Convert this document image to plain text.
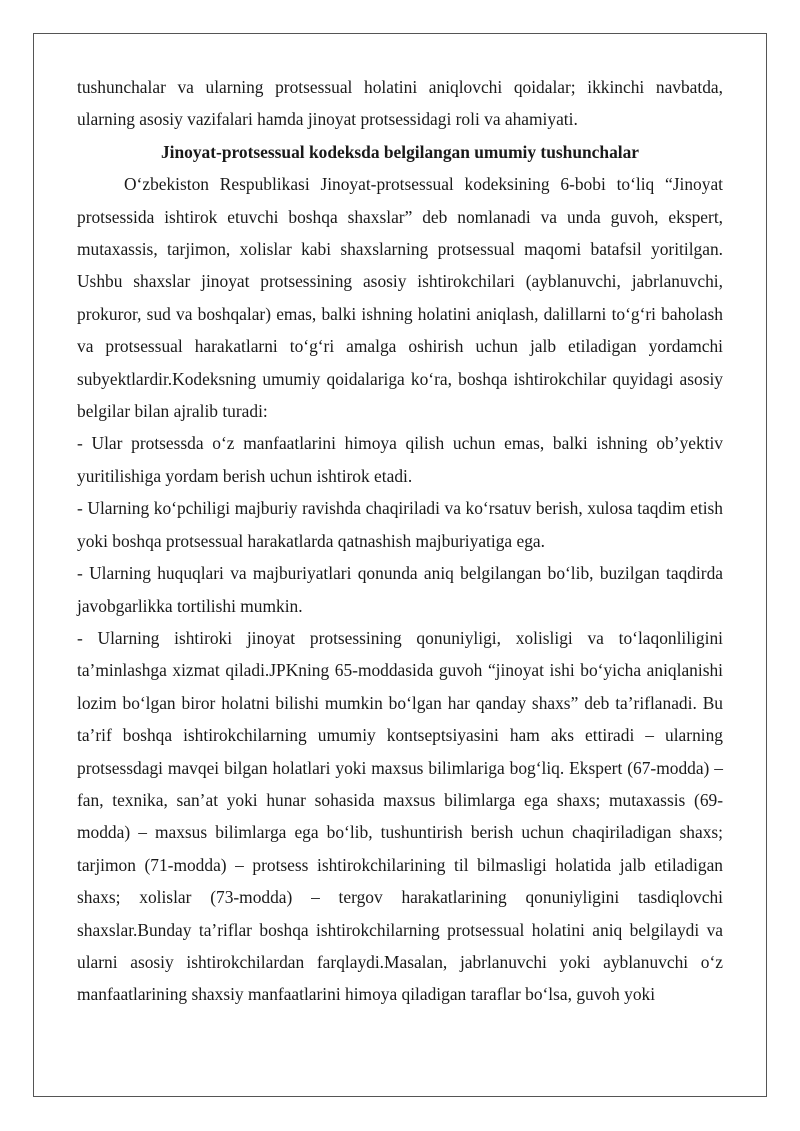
tushunchalar va ularning protsessual holatini aniqlovchi qoidalar; ikkinchi navbatda, ularning asosiy vazifalari hamda jinoyat protsessidagi roli va ahamiyati.

Jinoyat-protsessual kodeksda belgilangan umumiy tushunchalar

O‘zbekiston Respublikasi Jinoyat-protsessual kodeksining 6-bobi to‘liq “Jinoyat protsessida ishtirok etuvchi boshqa shaxslar” deb nomlanadi va unda guvoh, ekspert, mutaxassis, tarjimon, xolislar kabi shaxslarning protsessual maqomi batafsil yoritilgan. Ushbu shaxslar jinoyat protsessining asosiy ishtirokchilari (ayblanuvchi, jabrlanuvchi, prokuror, sud va boshqalar) emas, balki ishning holatini aniqlash, dalillarni to‘g‘ri baholash va protsessual harakatlarni to‘g‘ri amalga oshirish uchun jalb etiladigan yordamchi subyektlardir.Kodeksning umumiy qoidalariga ko‘ra, boshqa ishtirokchilar quyidagi asosiy belgilar bilan ajralib turadi:

- Ular protsessda o‘z manfaatlarini himoya qilish uchun emas, balki ishning ob’yektiv yuritilishiga yordam berish uchun ishtirok etadi.

- Ularning ko‘pchiligi majburiy ravishda chaqiriladi va ko‘rsatuv berish, xulosa taqdim etish yoki boshqa protsessual harakatlarda qatnashish majburiyatiga ega.

- Ularning huquqlari va majburiyatlari qonunda aniq belgilangan bo‘lib, buzilgan taqdirda javobgarlikka tortilishi mumkin.

- Ularning ishtiroki jinoyat protsessining qonuniyligi, xolisligi va to‘laqonliligini ta’minlashga xizmat qiladi.JPKning 65-moddasida guvoh “jinoyat ishi bo‘yicha aniqlanishi lozim bo‘lgan biror holatni bilishi mumkin bo‘lgan har qanday shaxs” deb ta’riflanadi. Bu ta’rif boshqa ishtirokchilarning umumiy kontseptsiyasini ham aks ettiradi – ularning protsessdagi mavqei bilgan holatlari yoki maxsus bilimlariga bog‘liq. Ekspert (67-modda) – fan, texnika, san’at yoki hunar sohasida maxsus bilimlarga ega shaxs; mutaxassis (69-modda) – maxsus bilimlarga ega bo‘lib, tushuntirish berish uchun chaqiriladigan shaxs; tarjimon (71-modda) – protsess ishtirokchilarining til bilmasligi holatida jalb etiladigan shaxs; xolislar (73-modda) – tergov harakatlarining qonuniyligini tasdiqlovchi shaxslar.Bunday ta’riflar boshqa ishtirokchilarning protsessual holatini aniq belgilaydi va ularni asosiy ishtirokchilardan farqlaydi.Masalan, jabrlanuvchi yoki ayblanuvchi o‘z manfaatlarining shaxsiy manfaatlarini himoya qiladigan taraflar bo‘lsa, guvoh yoki
